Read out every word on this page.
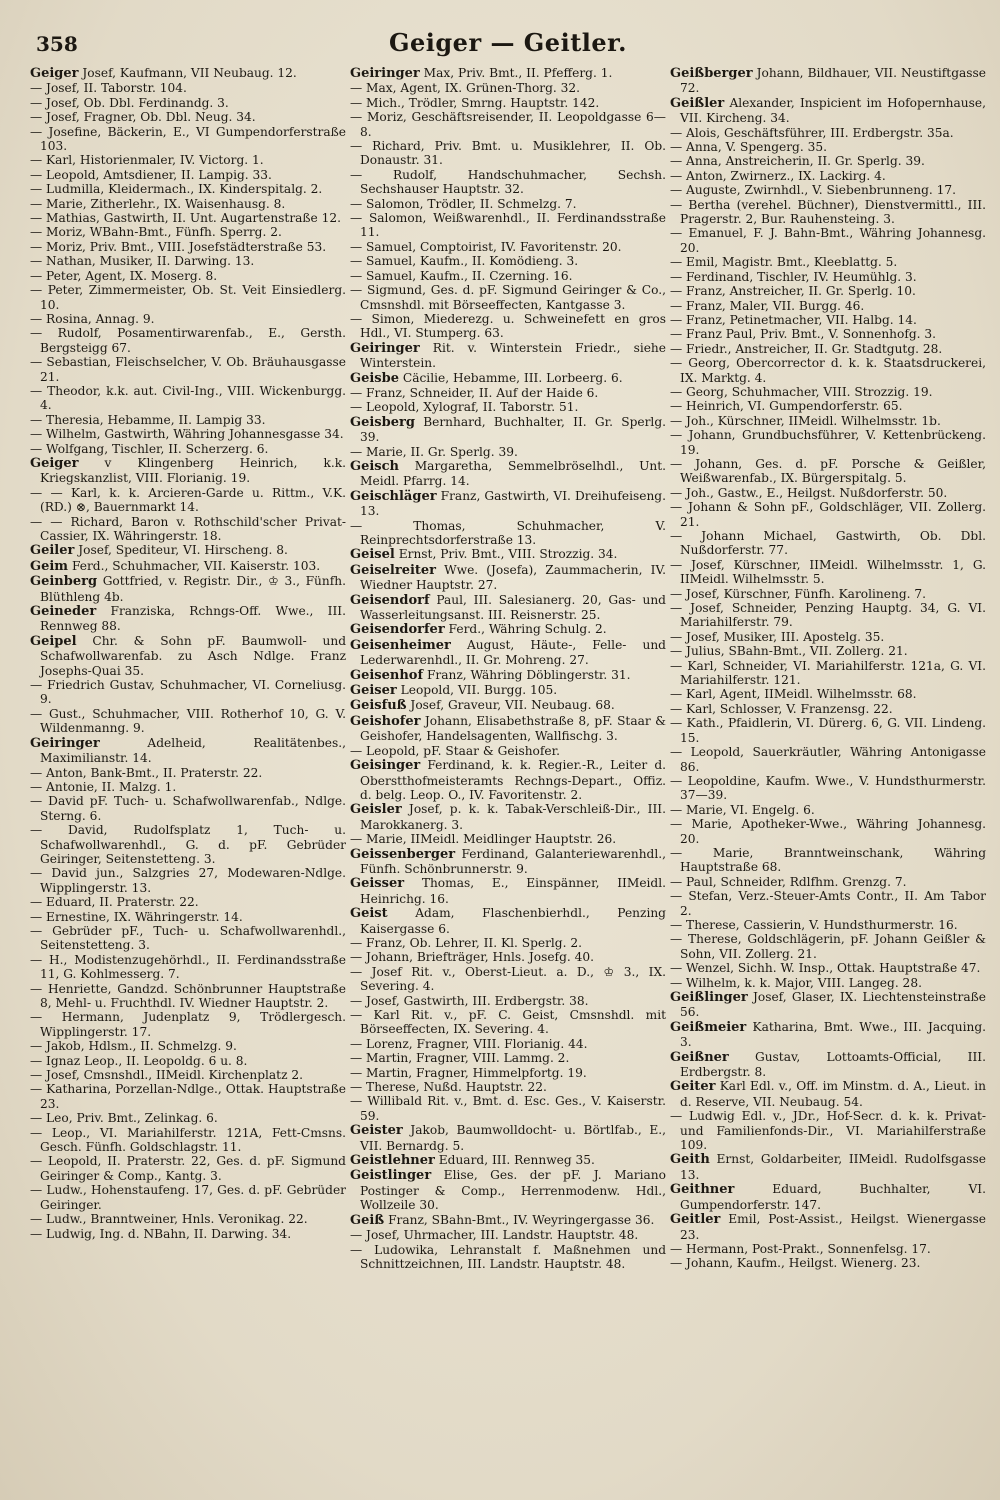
358	Geiger — Geitler.
Geiger Josef, Kaufmann, VII Neubaug. 12.
— Josef, II. Taborstr. 104.
— Josef, Ob. Dbl. Ferdinandg. 3.
— Josef, Fragner, Ob. Dbl. Neug. 34.
— Josefine, Bäckerin, E., VI Gumpendorferstraße 103.
— Karl, Historienmaler, IV. Victorg. 1.
— Leopold, Amtsdiener, II. Lampig. 33.
— Ludmilla, Kleidermach., IX. Kinderspitalg. 2.
— Marie, Zitherlehr., IX. Waisenhausg. 8.
— Mathias, Gastwirth, II. Unt. Augartenstraße 12.
— Moriz, WBahn-Bmt., Fünfh. Sperrg. 2.
— Moriz, Priv. Bmt., VIII. Josefstädterstraße 53.
— Nathan, Musiker, II. Darwing. 13.
— Peter, Agent, IX. Moserg. 8.
— Peter, Zimmermeister, Ob. St. Veit Einsiedlerg. 10.
— Rosina, Annag. 9.
— Rudolf, Posamentirwarenfab., E., Gersth. Bergsteigg 67.
— Sebastian, Fleischselcher, V. Ob. Bräuhausgasse 21.
— Theodor, k.k. aut. Civil-Ing., VIII. Wickenburgg. 4.
— Theresia, Hebamme, II. Lampig 33.
— Wilhelm, Gastwirth, Währing Johannesgasse 34.
— Wolfgang, Tischler, II. Scherzerg. 6.
Geiger v Klingenberg Heinrich, k.k. Kriegskanzlist, VIII. Florianig. 19.
— — Karl, k. k. Arcieren-Garde u. Rittm., V.K. (RD.) ⊗, Bauernmarkt 14.
— — Richard, Baron v. Rothschild'scher Privat-Cassier, IX. Währingerstr. 18.
Geiler Josef, Spediteur, VI. Hirscheng. 8.
Geim Ferd., Schuhmacher, VII. Kaiserstr. 103.
Geinberg Gottfried, v. Registr. Dir., ♔ 3., Fünfh. Blüthleng 4b.
Geineder Franziska, Rchngs-Off. Wwe., III. Rennweg 88.
Geipel Chr. & Sohn pF. Baumwoll- und Schafwollwarenfab. zu Asch Ndlge. Franz Josephs-Quai 35.
— Friedrich Gustav, Schuhmacher, VI. Corneliusg. 9.
— Gust., Schuhmacher, VIII. Rotherhof 10, G. V. Wildenmanng. 9.
Geiringer Adelheid, Realitätenbes., Maximilianstr. 14.
— Anton, Bank-Bmt., II. Praterstr. 22.
— Antonie, II. Malzg. 1.
— David pF. Tuch- u. Schafwollwarenfab., Ndlge. Sterng. 6.
— David, Rudolfsplatz 1, Tuch- u. Schafwollwarenhdl., G. d. pF. Gebrüder Geiringer, Seitenstetteng. 3.
— David jun., Salzgries 27, Modewaren-Ndlge. Wipplingerstr. 13.
— Eduard, II. Praterstr. 22.
— Ernestine, IX. Währingerstr. 14.
— Gebrüder pF., Tuch- u. Schafwollwarenhdl., Seitenstetteng. 3.
— H., Modistenzugehörhdl., II. Ferdinandsstraße 11, G. Kohlmesserg. 7.
— Henriette, Gandzd. Schönbrunner Hauptstraße 8, Mehl- u. Fruchthdl. IV. Wiedner Hauptstr. 2.
— Hermann, Judenplatz 9, Trödlergesch. Wipplingerstr. 17.
— Jakob, Hdlsm., II. Schmelzg. 9.
— Ignaz Leop., II. Leopoldg. 6 u. 8.
— Josef, Cmsnshdl., IIMeidl. Kirchenplatz 2.
— Katharina, Porzellan-Ndlge., Ottak. Hauptstraße 23.
— Leo, Priv. Bmt., Zelinkag. 6.
— Leop., VI. Mariahilferstr. 121A, Fett-Cmsns. Gesch. Fünfh. Goldschlagstr. 11.
— Leopold, II. Praterstr. 22, Ges. d. pF. Sigmund Geiringer & Comp., Kantg. 3.
— Ludw., Hohenstaufeng. 17, Ges. d. pF. Gebrüder Geiringer.
— Ludw., Branntweiner, Hnls. Veronikag. 22.
— Ludwig, Ing. d. NBahn, II. Darwing. 34.
Geiringer Max, Priv. Bmt., II. Pfefferg. 1.
— Max, Agent, IX. Grünen-Thorg. 32.
— Mich., Trödler, Smrng. Hauptstr. 142.
— Moriz, Geschäftsreisender, II. Leopoldgasse 6—8.
— Richard, Priv. Bmt. u. Musiklehrer, II. Ob. Donaustr. 31.
— Rudolf, Handschuhmacher, Sechsh. Sechshauser Hauptstr. 32.
— Salomon, Trödler, II. Schmelzg. 7.
— Salomon, Weißwarenhdl., II. Ferdinandsstraße 11.
— Samuel, Comptoirist, IV. Favoritenstr. 20.
— Samuel, Kaufm., II. Komödieng. 3.
— Samuel, Kaufm., II. Czerning. 16.
— Sigmund, Ges. d. pF. Sigmund Geiringer & Co., Cmsnshdl. mit Börseeffecten, Kantgasse 3.
— Simon, Miederezg. u. Schweinefett en gros Hdl., VI. Stumperg. 63.
Geiringer Rit. v. Winterstein Friedr., siehe Winterstein.
Geisbe Cäcilie, Hebamme, III. Lorbeerg. 6.
— Franz, Schneider, II. Auf der Haide 6.
— Leopold, Xylograf, II. Taborstr. 51.
Geisberg Bernhard, Buchhalter, II. Gr. Sperlg. 39.
— Marie, II. Gr. Sperlg. 39.
Geisch Margaretha, Semmelbröselhdl., Unt. Meidl. Pfarrg. 14.
Geischläger Franz, Gastwirth, VI. Dreihufeiseng. 13.
— Thomas, Schuhmacher, V. Reinprechtsdorferstraße 13.
Geisel Ernst, Priv. Bmt., VIII. Strozzig. 34.
Geiselreiter Wwe. (Josefa), Zaummacherin, IV. Wiedner Hauptstr. 27.
Geisendorf Paul, III. Salesianerg. 20, Gas- und Wasserleitungsanst. III. Reisnerstr. 25.
Geisendorfer Ferd., Währing Schulg. 2.
Geisenheimer August, Häute-, Felle- und Lederwarenhdl., II. Gr. Mohreng. 27.
Geisenhof Franz, Währing Döblingerstr. 31.
Geiser Leopold, VII. Burgg. 105.
Geisfuß Josef, Graveur, VII. Neubaug. 68.
Geishofer Johann, Elisabethstraße 8, pF. Staar & Geishofer, Handelsagenten, Wallfischg. 3.
— Leopold, pF. Staar & Geishofer.
Geisinger Ferdinand, k. k. Regier.-R., Leiter d. Oberstthofmeisteramts Rechngs-Depart., Offiz. d. belg. Leop. O., IV. Favoritenstr. 2.
Geisler Josef, p. k. k. Tabak-Verschleiß-Dir., III. Marokkanerg. 3.
— Marie, IIMeidl. Meidlinger Hauptstr. 26.
Geissenberger Ferdinand, Galanteriewarenhdl., Fünfh. Schönbrunnerstr. 9.
Geisser Thomas, E., Einspänner, IIMeidl. Heinrichg. 16.
Geist Adam, Flaschenbierhdl., Penzing Kaisergasse 6.
— Franz, Ob. Lehrer, II. Kl. Sperlg. 2.
— Johann, Briefträger, Hnls. Josefg. 40.
— Josef Rit. v., Oberst-Lieut. a. D., ♔ 3., IX. Severing. 4.
— Josef, Gastwirth, III. Erdbergstr. 38.
— Karl Rit. v., pF. C. Geist, Cmsnshdl. mit Börseeffecten, IX. Severing. 4.
— Lorenz, Fragner, VIII. Florianig. 44.
— Martin, Fragner, VIII. Lammg. 2.
— Martin, Fragner, Himmelpfortg. 19.
— Therese, Nußd. Hauptstr. 22.
— Willibald Rit. v., Bmt. d. Esc. Ges., V. Kaiserstr. 59.
Geister Jakob, Baumwolldocht- u. Börtlfab., E., VII. Bernardg. 5.
Geistlehner Eduard, III. Rennweg 35.
Geistlinger Elise, Ges. der pF. J. Mariano Postinger & Comp., Herrenmodenw. Hdl., Wollzeile 30.
Geiß Franz, SBahn-Bmt., IV. Weyringergasse 36.
— Josef, Uhrmacher, III. Landstr. Hauptstr. 48.
— Ludowika, Lehranstalt f. Maßnehmen und Schnittzeichnen, III. Landstr. Hauptstr. 48.
Geißberger Johann, Bildhauer, VII. Neustiftgasse 72.
Geißler Alexander, Inspicient im Hofopernhause, VII. Kircheng. 34.
— Alois, Geschäftsführer, III. Erdbergstr. 35a.
— Anna, V. Spengerg. 35.
— Anna, Anstreicherin, II. Gr. Sperlg. 39.
— Anton, Zwirnerz., IX. Lackirg. 4.
— Auguste, Zwirnhdl., V. Siebenbrunneng. 17.
— Bertha (verehel. Büchner), Dienstvermittl., III. Pragerstr. 2, Bur. Rauhensteing. 3.
— Emanuel, F. J. Bahn-Bmt., Währing Johannesg. 20.
— Emil, Magistr. Bmt., Kleeblattg. 5.
— Ferdinand, Tischler, IV. Heumühlg. 3.
— Franz, Anstreicher, II. Gr. Sperlg. 10.
— Franz, Maler, VII. Burgg. 46.
— Franz, Petinetmacher, VII. Halbg. 14.
— Franz Paul, Priv. Bmt., V. Sonnenhofg. 3.
— Friedr., Anstreicher, II. Gr. Stadtgutg. 28.
— Georg, Obercorrector d. k. k. Staatsdruckerei, IX. Marktg. 4.
— Georg, Schuhmacher, VIII. Strozzig. 19.
— Heinrich, VI. Gumpendorferstr. 65.
— Joh., Kürschner, IIMeidl. Wilhelmsstr. 1b.
— Johann, Grundbuchsführer, V. Kettenbrückeng. 19.
— Johann, Ges. d. pF. Porsche & Geißler, Weißwarenfab., IX. Bürgerspitalg. 5.
— Joh., Gastw., E., Heilgst. Nußdorferstr. 50.
— Johann & Sohn pF., Goldschläger, VII. Zollerg. 21.
— Johann Michael, Gastwirth, Ob. Dbl. Nußdorferstr. 77.
— Josef, Kürschner, IIMeidl. Wilhelmsstr. 1, G. IIMeidl. Wilhelmsstr. 5.
— Josef, Kürschner, Fünfh. Karolineng. 7.
— Josef, Schneider, Penzing Hauptg. 34, G. VI. Mariahilferstr. 79.
— Josef, Musiker, III. Apostelg. 35.
— Julius, SBahn-Bmt., VII. Zollerg. 21.
— Karl, Schneider, VI. Mariahilferstr. 121a, G. VI. Mariahilferstr. 121.
— Karl, Agent, IIMeidl. Wilhelmsstr. 68.
— Karl, Schlosser, V. Franzensg. 22.
— Kath., Pfaidlerin, VI. Dürerg. 6, G. VII. Lindeng. 15.
— Leopold, Sauerkräutler, Währing Antonigasse 86.
— Leopoldine, Kaufm. Wwe., V. Hundsthurmerstr. 37—39.
— Marie, VI. Engelg. 6.
— Marie, Apotheker-Wwe., Währing Johannesg. 20.
— Marie, Branntweinschank, Währing Hauptstraße 68.
— Paul, Schneider, Rdlfhm. Grenzg. 7.
— Stefan, Verz.-Steuer-Amts Contr., II. Am Tabor 2.
— Therese, Cassierin, V. Hundsthurmerstr. 16.
— Therese, Goldschlägerin, pF. Johann Geißler & Sohn, VII. Zollerg. 21.
— Wenzel, Sichh. W. Insp., Ottak. Hauptstraße 47.
— Wilhelm, k. k. Major, VIII. Langeg. 28.
Geißlinger Josef, Glaser, IX. Liechtensteinstraße 56.
Geißmeier Katharina, Bmt. Wwe., III. Jacquing. 3.
Geißner Gustav, Lottoamts-Official, III. Erdbergstr. 8.
Geiter Karl Edl. v., Off. im Minstm. d. A., Lieut. in d. Reserve, VII. Neubaug. 54.
— Ludwig Edl. v., JDr., Hof-Secr. d. k. k. Privat- und Familienfonds-Dir., VI. Mariahilferstraße 109.
Geith Ernst, Goldarbeiter, IIMeidl. Rudolfsgasse 13.
Geithner Eduard, Buchhalter, VI. Gumpendorferstr. 147.
Geitler Emil, Post-Assist., Heilgst. Wienergasse 23.
— Hermann, Post-Prakt., Sonnenfelsg. 17.
— Johann, Kaufm., Heilgst. Wienerg. 23.
